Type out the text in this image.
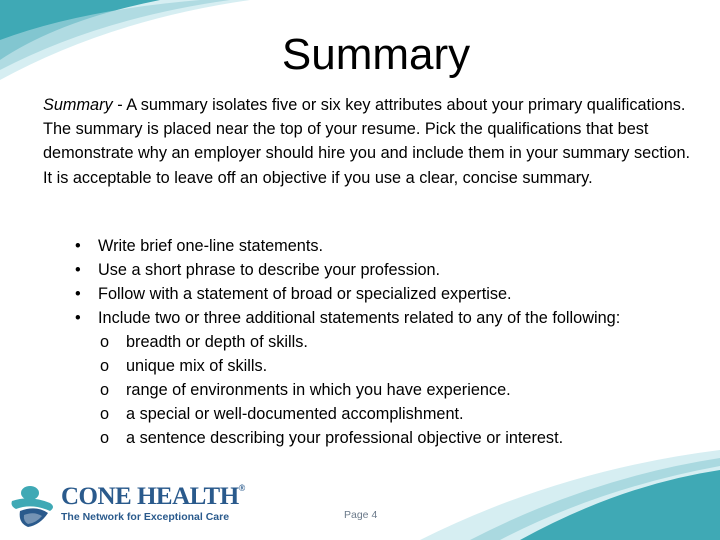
Summary
Summary - A summary isolates five or six key attributes about your primary qualifications. The summary is placed near the top of your resume. Pick the qualifications that best demonstrate why an employer should hire you and include them in your summary section. It is acceptable to leave off an objective if you use a clear, concise summary.
• Write brief one-line statements.
• Use a short phrase to describe your profession.
• Follow with a statement of broad or specialized expertise.
• Include two or three additional statements related to any of the following:
o breadth or depth of skills.
o unique mix of skills.
o range of environments in which you have experience.
o a special or well-documented accomplishment.
o a sentence describing your professional objective or interest.
CONE HEALTH®
The Network for Exceptional Care	Page 4
